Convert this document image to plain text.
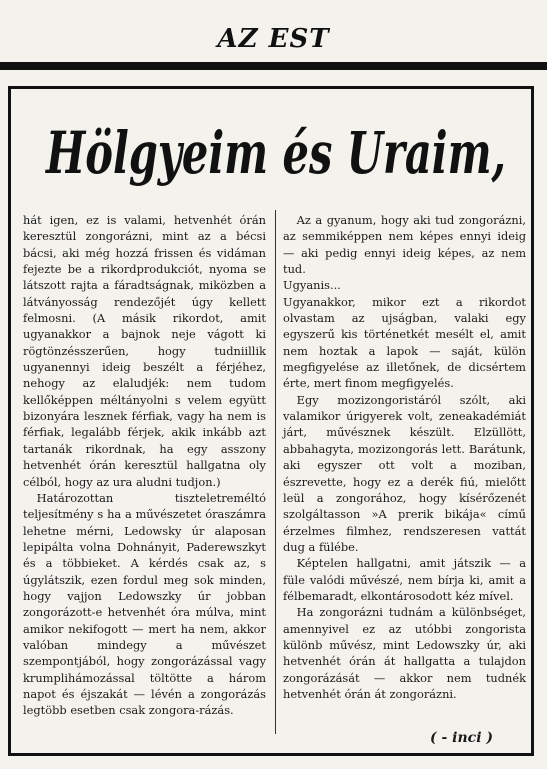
AZ EST
Hölgyeim és Uraim,

hát igen, ez is valami, hetvenhét órán keresztül zongorázni, mint az a bécsi bácsi, aki még hozzá frissen és vidáman fejezte be a rikordprodukciót, nyoma se látszott rajta a fáradtságnak, miközben a látványosság rendezőjét úgy kellett felmosni. (A másik rikordot, amit ugyanakkor a bajnok neje vágott ki rögtönzésszerűen, hogy tudniillik ugyanennyi ideig beszélt a férjéhez, nehogy az elaludjék: nem tudom kellőképpen méltányolni s velem együtt bizonyára lesznek férfiak, vagy ha nem is férfiak, legalább férjek, akik inkább azt tartanák rikordnak, ha egy asszony hetvenhét órán keresztül hallgatna oly célból, hogy az ura aludni tudjon.)

Határozottan tiszteletreméltó teljesítmény s ha a művészetet óraszámra lehetne mérni, Ledowsky úr alaposan lepipálta volna Dohnányit, Paderewszkyt és a többieket. A kérdés csak az, s úgylátszik, ezen fordul meg sok minden, hogy vajjon Ledowszky úr jobban zongorázott-e hetvenhét óra múlva, mint amikor nekifogott — mert ha nem, akkor valóban mindegy a művészet szempontjából, hogy zongorázással vagy krumplihámozással töltötte a három napot és éjszakát — lévén a zongorázás legtöbb esetben csak zongora-rázás.

Az a gyanum, hogy aki tud zongorázni, az semmiképpen nem képes ennyi ideig — aki pedig ennyi ideig képes, az nem tud.

Ugyanis...

Ugyanakkor, mikor ezt a rikordot olvastam az ujságban, valaki egy egyszerű kis történetkét mesélt el, amit nem hoztak a lapok — saját, külön megfigyelése az illetőnek, de dicsértem érte, mert finom megfigyelés.

Egy mozizongoristáról szólt, aki valamikor úrigyerek volt, zeneakadémiát járt, művésznek készült. Elzüllött, abbahagyta, mozizongorás lett. Barátunk, aki egyszer ott volt a moziban, észrevette, hogy ez a derék fiú, mielőtt leül a zongorához, hogy kísérőzenét szolgáltasson »A prerik bikája« című érzelmes filmhez, rendszeresen vattát dug a fülébe.

Képtelen hallgatni, amit játszik — a füle valódi művészé, nem bírja ki, amit a félbemaradt, elkontárosodott kéz mível.

Ha zongorázni tudnám a különbséget, amennyivel ez az utóbbi zongorista különb művész, mint Ledowszky úr, aki hetvenhét órán át hallgatta a tulajdon zongorázását — akkor nem tudnék hetvenhét órán át zongorázni.

( - inci )
